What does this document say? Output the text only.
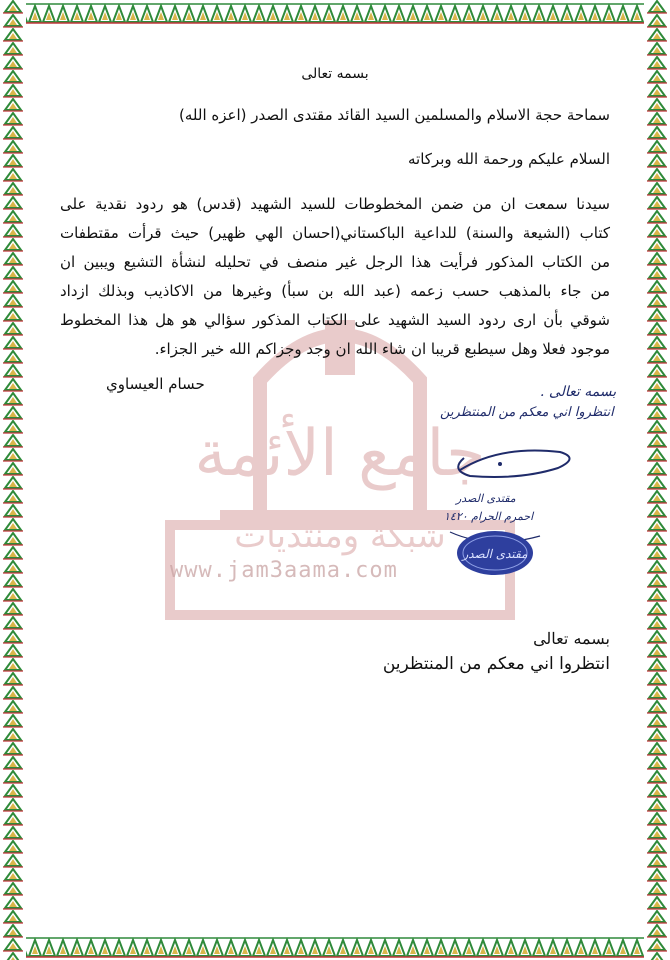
جامع الأئمة
شبكة ومنتديات
www.jam3aama.com
بسمه تعالى
سماحة حجة الاسلام والمسلمين السيد القائد مقتدى الصدر (اعزه الله)
السلام عليكم ورحمة الله وبركاته
سيدنا سمعت ان من ضمن المخطوطات للسيد الشهيد (قدس) هو ردود نقدية على
كتاب (الشيعة والسنة) للداعية الباكستاني(احسان الهي ظهير) حيث قرأت مقتطفات
من الكتاب المذكور فرأيت هذا الرجل غير منصف في تحليله لنشأة التشيع ويبين ان
من جاء بالمذهب حسب زعمه (عبد الله بن سبأ) وغيرها من الاكاذيب وبذلك ازداد
شوقي بأن ارى ردود السيد الشهيد على الكتاب المذكور سؤالي هو هل هذا المخطوط
موجود فعلا وهل سيطبع قريبا ان شاء الله ان وجد وجزاكم الله خير الجزاء.
حسام العيساوي	بسمه تعالى .
انتظروا اني معكم من المنتظرين
مقتدى الصدر
مقتدى الصدر
احمرم الحرام ١٤٢٠
بسمه تعالى
انتظروا اني معكم من المنتظرين
